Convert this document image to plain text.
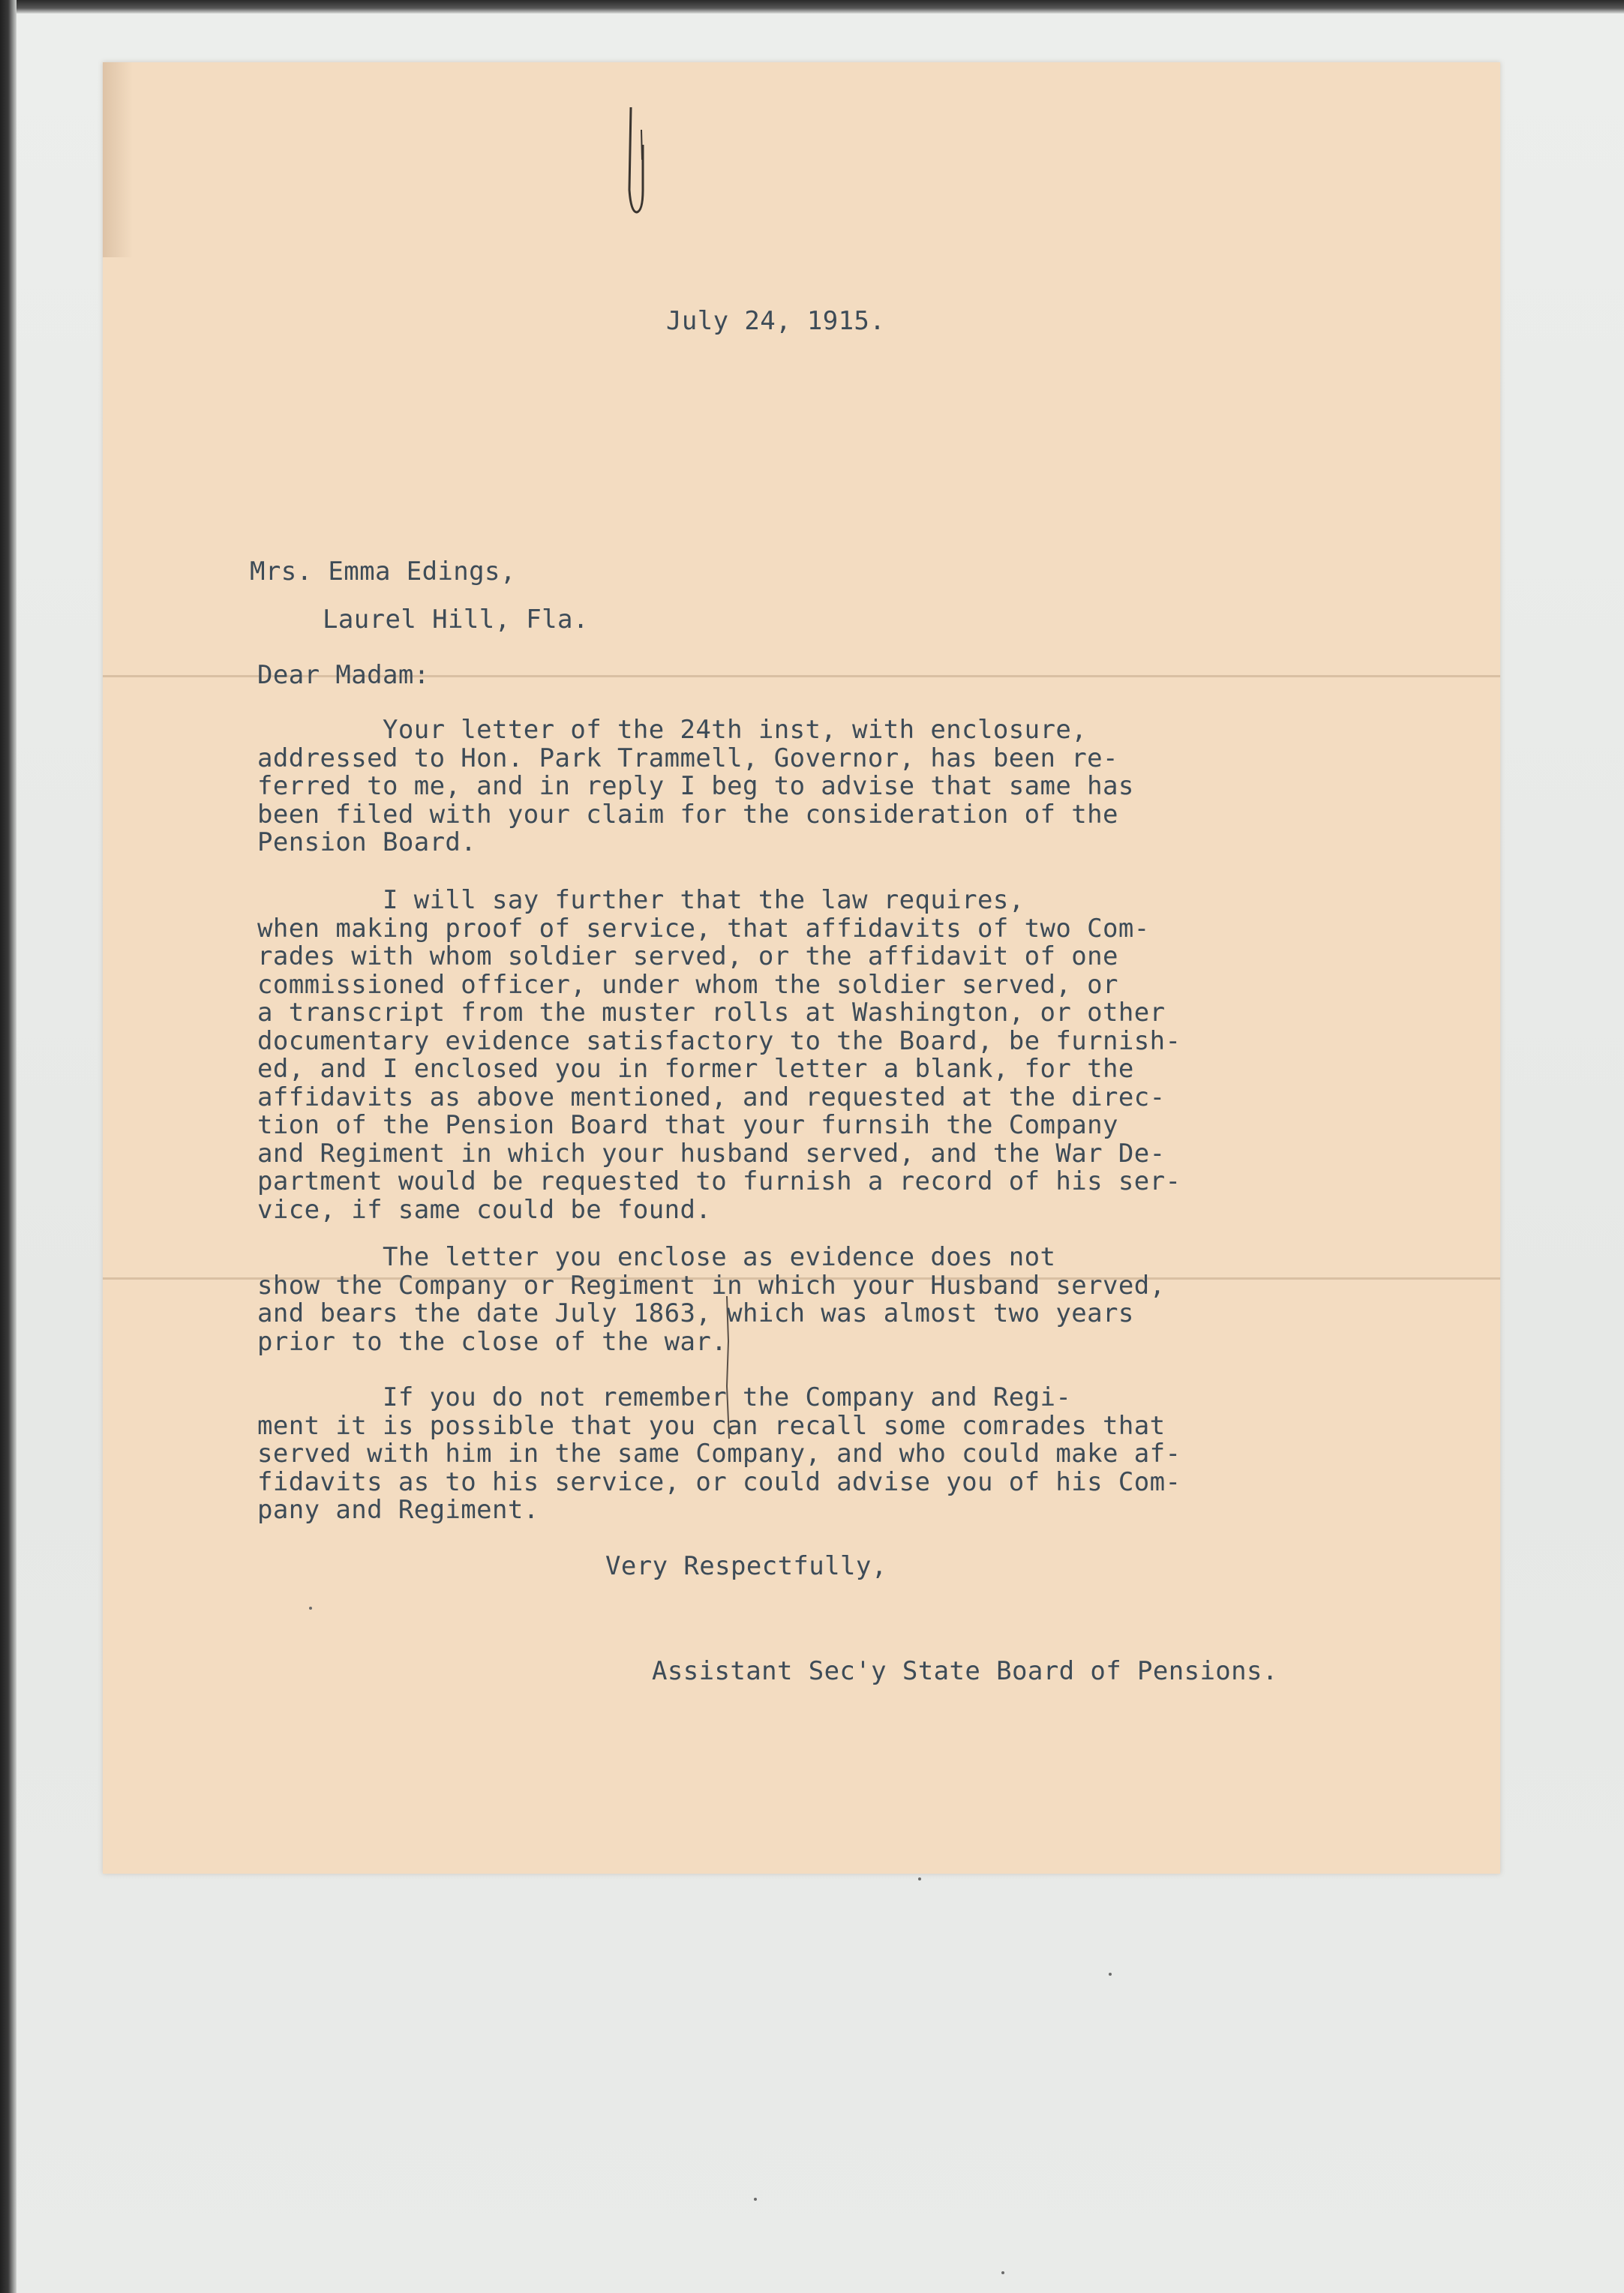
July 24, 1915.
Mrs. Emma Edings,
Laurel Hill, Fla.
Dear Madam:
Your letter of the 24th inst, with enclosure,
addressed to Hon. Park Trammell, Governor, has been re-
ferred to me, and in reply I beg to advise that same has
been filed with your claim for the consideration of the
Pension Board.
I will say further that the law requires,
when making proof of service, that affidavits of two Com-
rades with whom soldier served, or the affidavit of one
commissioned officer, under whom the soldier served, or
a transcript from the muster rolls at Washington, or other
documentary evidence satisfactory to the Board, be furnish-
ed, and I enclosed you in former letter a blank, for the
affidavits as above mentioned, and requested at the direc-
tion of the Pension Board that your furnsih the Company
and Regiment in which your husband served, and the War De-
partment would be requested to furnish a record of his ser-
vice, if same could be found.
The letter you enclose as evidence does not
show the Company or Regiment in which your Husband served,
and bears the date July 1863, which was almost two years
prior to the close of the war.
If you do not remember the Company and Regi-
ment it is possible that you can recall some comrades that
served with him in the same Company, and who could make af-
fidavits as to his service, or could advise you of his Com-
pany and Regiment.
Very Respectfully,
Assistant Sec'y State Board of Pensions.
